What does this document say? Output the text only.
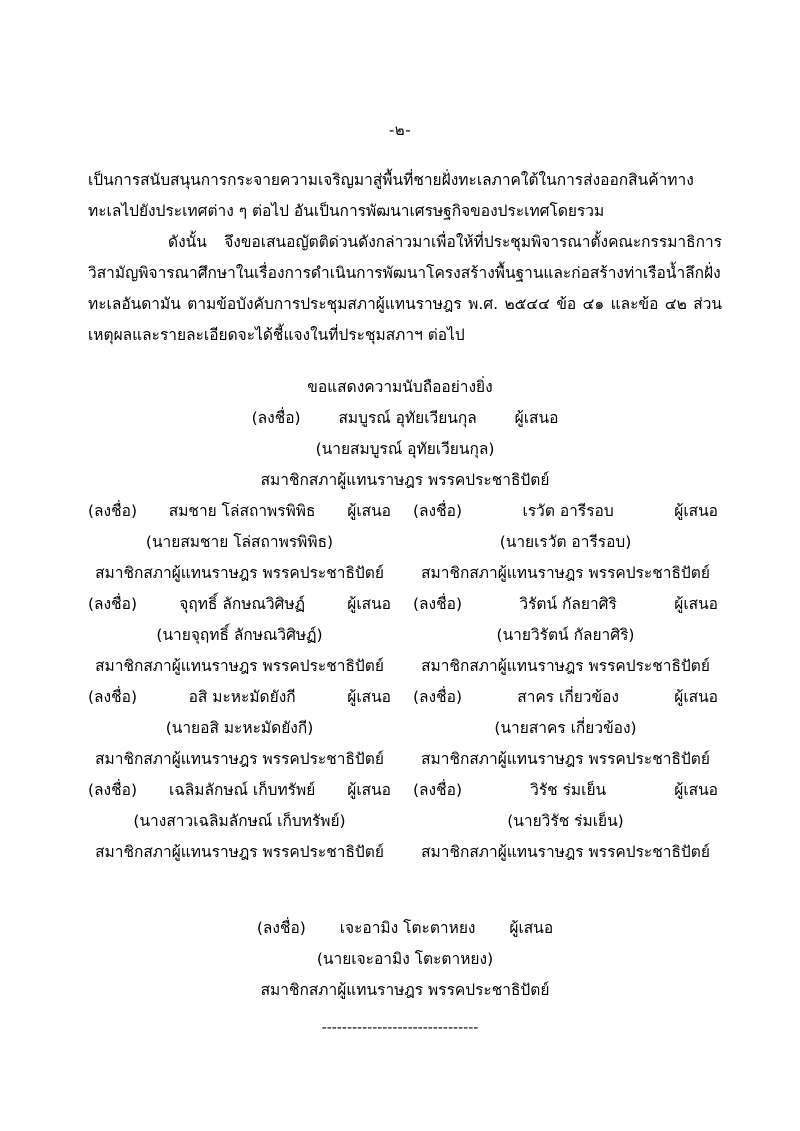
-๒-

เป็นการสนับสนุนการกระจายความเจริญมาสู่พื้นที่ชายฝั่งทะเลภาคใต้ในการส่งออกสินค้าทางทะเลไปยังประเทศต่าง ๆ ต่อไป อันเป็นการพัฒนาเศรษฐกิจของประเทศโดยรวม

ดังนั้น จึงขอเสนอญัตติด่วนดังกล่าวมาเพื่อให้ที่ประชุมพิจารณาตั้งคณะกรรมาธิการวิสามัญพิจารณาศึกษาในเรื่องการดำเนินการพัฒนาโครงสร้างพื้นฐานและก่อสร้างท่าเรือน้ำลึกฝั่งทะเลอันดามัน ตามข้อบังคับการประชุมสภาผู้แทนราษฎร พ.ศ. ๒๕๔๔ ข้อ ๔๑ และข้อ ๔๒ ส่วนเหตุผลและรายละเอียดจะได้ชี้แจงในที่ประชุมสภาฯ ต่อไป

ขอแสดงความนับถืออย่างยิ่ง
(ลงชื่อ) สมบูรณ์ อุทัยเวียนกุล ผู้เสนอ
(นายสมบูรณ์ อุทัยเวียนกุล)
สมาชิกสภาผู้แทนราษฎร พรรคประชาธิปัตย์
(ลงชื่อ) สมชาย โล่สถาพรพิพิธ ผู้เสนอ
(นายสมชาย โล่สถาพรพิพิธ)
สมาชิกสภาผู้แทนราษฎร พรรคประชาธิปัตย์
(ลงชื่อ)	เรวัต อารีรอบ	ผู้เสนอ
(นายเรวัต อารีรอบ)
สมาชิกสภาผู้แทนราษฎร พรรคประชาธิปัตย์
(ลงชื่อ)	จุฤทธิ์ ลักษณวิศิษฏ์	ผู้เสนอ
(นายจุฤทธิ์ ลักษณวิศิษฏ์)
สมาชิกสภาผู้แทนราษฎร พรรคประชาธิปัตย์
(ลงชื่อ)	วิรัตน์ กัลยาศิริ	ผู้เสนอ
(นายวิรัตน์ กัลยาศิริ)
สมาชิกสภาผู้แทนราษฎร พรรคประชาธิปัตย์
(ลงชื่อ)	อสิ มะหะมัดยังกี	ผู้เสนอ
(นายอสิ มะหะมัดยังกี)
สมาชิกสภาผู้แทนราษฎร พรรคประชาธิปัตย์
(ลงชื่อ)	สาคร เกี่ยวข้อง	ผู้เสนอ
(นายสาคร เกี่ยวข้อง)
สมาชิกสภาผู้แทนราษฎร พรรคประชาธิปัตย์
(ลงชื่อ) เฉลิมลักษณ์ เก็บทรัพย์ ผู้เสนอ
(นางสาวเฉลิมลักษณ์ เก็บทรัพย์)
สมาชิกสภาผู้แทนราษฎร พรรคประชาธิปัตย์
(ลงชื่อ)	วิรัช ร่มเย็น	ผู้เสนอ
(นายวิรัช ร่มเย็น)
สมาชิกสภาผู้แทนราษฎร พรรคประชาธิปัตย์
(ลงชื่อ) เจะอามิง โตะตาหยง ผู้เสนอ
(นายเจะอามิง โตะตาหยง)
สมาชิกสภาผู้แทนราษฎร พรรคประชาธิปัตย์
-------------------------------
